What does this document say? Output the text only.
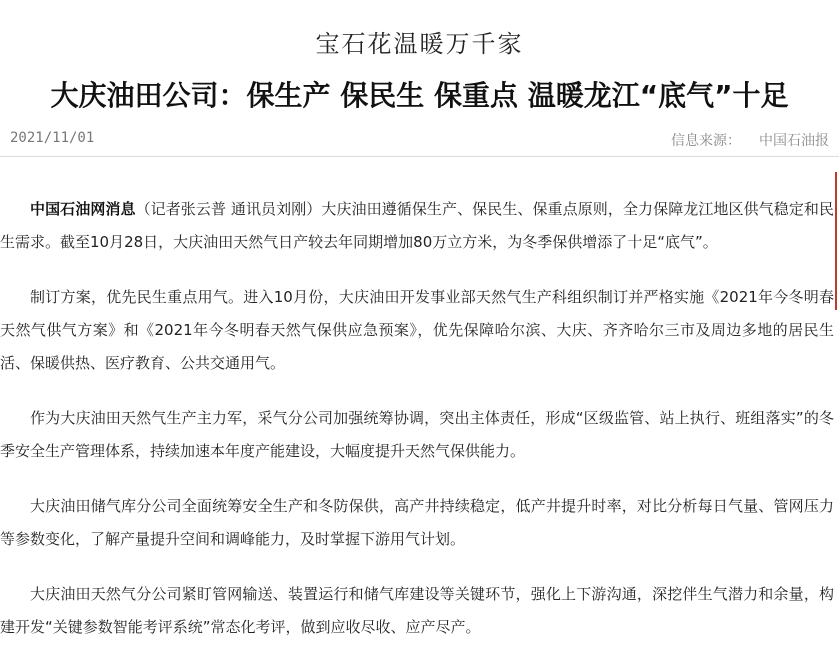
宝石花温暖万千家
大庆油田公司：保生产 保民生 保重点 温暖龙江“底气”十足
2021/11/01	信息来源： 中国石油报

中国石油网消息（记者张云普 通讯员刘刚）大庆油田遵循保生产、保民生、保重点原则，全力保障龙江地区供气稳定和民生需求。截至10月28日，大庆油田天然气日产较去年同期增加80万立方米，为冬季保供增添了十足“底气”。

制订方案，优先民生重点用气。进入10月份，大庆油田开发事业部天然气生产科组织制订并严格实施《2021年今冬明春天然气供气方案》和《2021年今冬明春天然气保供应急预案》，优先保障哈尔滨、大庆、齐齐哈尔三市及周边多地的居民生活、保暖供热、医疗教育、公共交通用气。

作为大庆油田天然气生产主力军，采气分公司加强统筹协调，突出主体责任，形成“区级监管、站上执行、班组落实”的冬季安全生产管理体系，持续加速本年度产能建设，大幅度提升天然气保供能力。

大庆油田储气库分公司全面统筹安全生产和冬防保供，高产井持续稳定，低产井提升时率，对比分析每日气量、管网压力等参数变化，了解产量提升空间和调峰能力，及时掌握下游用气计划。

大庆油田天然气分公司紧盯管网输送、装置运行和储气库建设等关键环节，强化上下游沟通，深挖伴生气潜力和余量，构建开发“关键参数智能考评系统”常态化考评，做到应收尽收、应产尽产。
